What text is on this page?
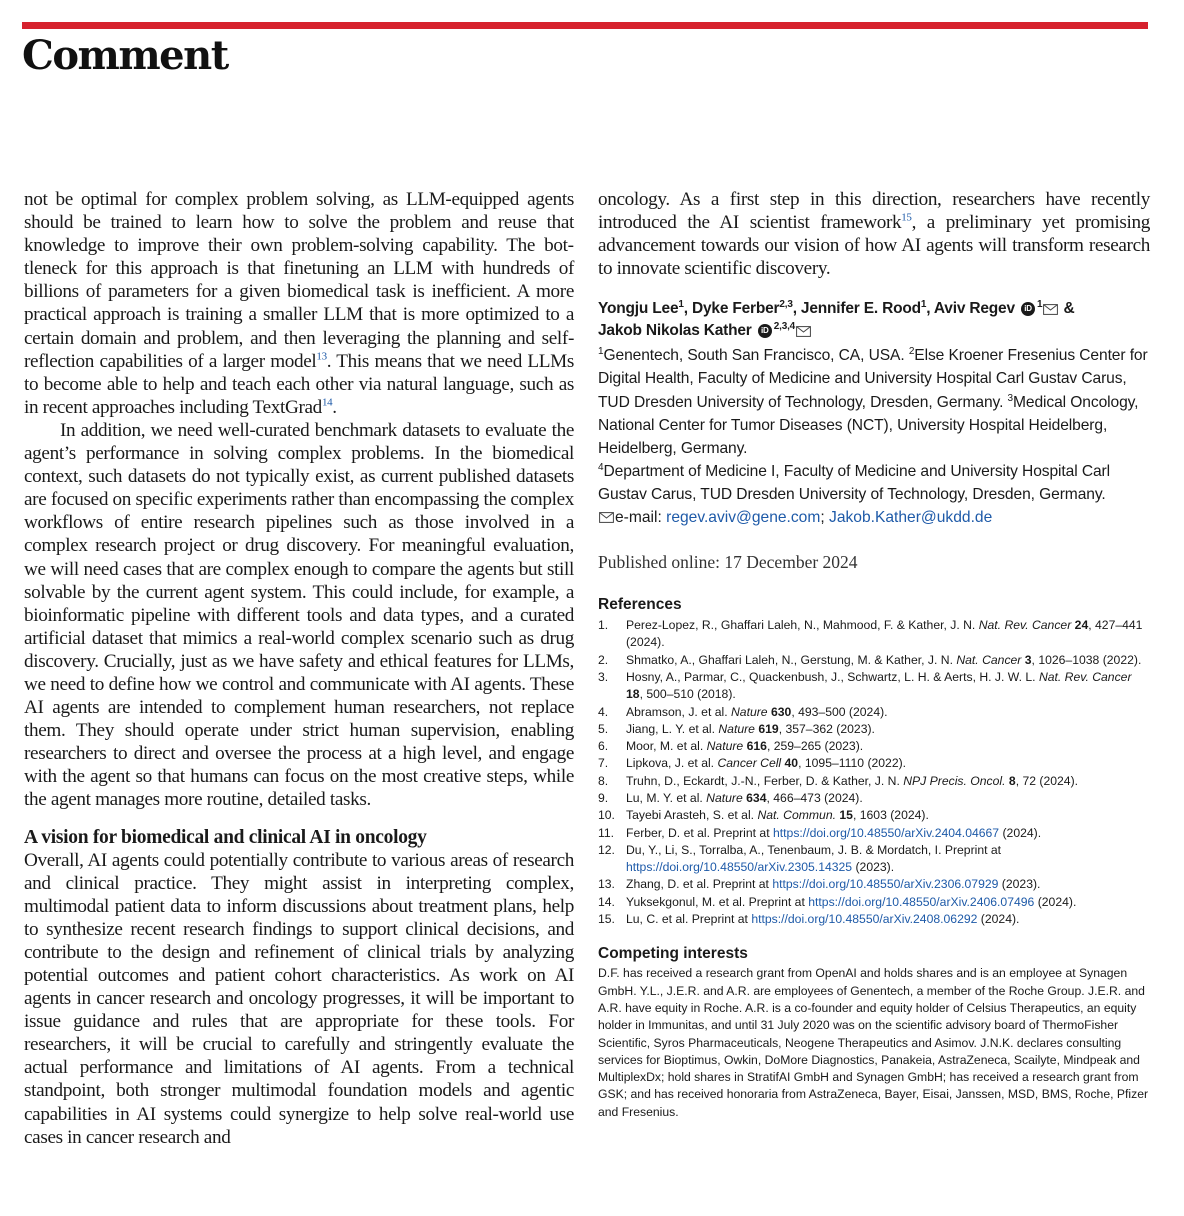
Comment

not be optimal for complex problem solving, as LLM-equipped agents should be trained to learn how to solve the problem and reuse that knowledge to improve their own problem-solving capability. The bottleneck for this approach is that finetuning an LLM with hundreds of billions of parameters for a given biomedical task is inefficient. A more practical approach is training a smaller LLM that is more optimized to a certain domain and problem, and then leveraging the planning and self-reflection capabilities of a larger model$^{13}$. This means that we need LLMs to become able to help and teach each other via natural language, such as in recent approaches including TextGrad$^{14}$.

In addition, we need well-curated benchmark datasets to evaluate the agent’s performance in solving complex problems. In the biomedical context, such datasets do not typically exist, as current published datasets are focused on specific experiments rather than encompassing the complex workflows of entire research pipelines such as those involved in a complex research project or drug discovery. For meaningful evaluation, we will need cases that are complex enough to compare the agents but still solvable by the current agent system. This could include, for example, a bioinformatic pipeline with different tools and data types, and a curated artificial dataset that mimics a real-world complex scenario such as drug discovery. Crucially, just as we have safety and ethical features for LLMs, we need to define how we control and communicate with AI agents. These AI agents are intended to complement human researchers, not replace them. They should operate under strict human supervision, enabling researchers to direct and oversee the process at a high level, and engage with the agent so that humans can focus on the most creative steps, while the agent manages more routine, detailed tasks.

A vision for biomedical and clinical AI in oncology

Overall, AI agents could potentially contribute to various areas of research and clinical practice. They might assist in interpreting complex, multimodal patient data to inform discussions about treatment plans, help to synthesize recent research findings to support clinical decisions, and contribute to the design and refinement of clinical trials by analyzing potential outcomes and patient cohort characteristics. As work on AI agents in cancer research and oncology progresses, it will be important to issue guidance and rules that are appropriate for these tools. For researchers, it will be crucial to carefully and stringently evaluate the actual performance and limitations of AI agents. From a technical standpoint, both stronger multimodal foundation models and agentic capabilities in AI systems could synergize to help solve real-world use cases in cancer research and

oncology. As a first step in this direction, researchers have recently introduced the AI scientist framework$^{15}$, a preliminary yet promising advancement towards our vision of how AI agents will transform research to innovate scientific discovery.

Yongju Lee$^1$, Dyke Ferber$^{2,3}$, Jennifer E. Rood$^1$, Aviv Regev iD $^1$ &
Jakob Nikolas Kather iD $^{2,3,4}$

$^1$Genentech, South San Francisco, CA, USA. $^2$Else Kroener Fresenius Center for Digital Health, Faculty of Medicine and University Hospital Carl Gustav Carus, TUD Dresden University of Technology, Dresden, Germany. $^3$Medical Oncology, National Center for Tumor Diseases (NCT), University Hospital Heidelberg, Heidelberg, Germany.
$^4$Department of Medicine I, Faculty of Medicine and University Hospital Carl Gustav Carus, TUD Dresden University of Technology, Dresden, Germany.

e-mail: regev.aviv@gene.com; Jakob.Kather@ukdd.de

Published online: 17 December 2024

References
1.	Perez-Lopez, R., Ghaffari Laleh, N., Mahmood, F. & Kather, J. N. Nat. Rev. Cancer 24, 427–441 (2024).
2.	Shmatko, A., Ghaffari Laleh, N., Gerstung, M. & Kather, J. N. Nat. Cancer 3, 1026–1038 (2022).
3.	Hosny, A., Parmar, C., Quackenbush, J., Schwartz, L. H. & Aerts, H. J. W. L. Nat. Rev. Cancer 18, 500–510 (2018).
4.	Abramson, J. et al. Nature 630, 493–500 (2024).
5.	Jiang, L. Y. et al. Nature 619, 357–362 (2023).
6.	Moor, M. et al. Nature 616, 259–265 (2023).
7.	Lipkova, J. et al. Cancer Cell 40, 1095–1110 (2022).
8.	Truhn, D., Eckardt, J.-N., Ferber, D. & Kather, J. N. NPJ Precis. Oncol. 8, 72 (2024).
9.	Lu, M. Y. et al. Nature 634, 466–473 (2024).
10. Tayebi Arasteh, S. et al. Nat. Commun. 15, 1603 (2024).
11. Ferber, D. et al. Preprint at https://doi.org/10.48550/arXiv.2404.04667 (2024).
12. Du, Y., Li, S., Torralba, A., Tenenbaum, J. B. & Mordatch, I. Preprint at https://doi.org/10.48550/arXiv.2305.14325 (2023).
13. Zhang, D. et al. Preprint at https://doi.org/10.48550/arXiv.2306.07929 (2023).
14. Yuksekgonul, M. et al. Preprint at https://doi.org/10.48550/arXiv.2406.07496 (2024).
15. Lu, C. et al. Preprint at https://doi.org/10.48550/arXiv.2408.06292 (2024).
Competing interests

D.F. has received a research grant from OpenAI and holds shares and is an employee at Synagen GmbH. Y.L., J.E.R. and A.R. are employees of Genentech, a member of the Roche Group. J.E.R. and A.R. have equity in Roche. A.R. is a co-founder and equity holder of Celsius Therapeutics, an equity holder in Immunitas, and until 31 July 2020 was on the scientific advisory board of ThermoFisher Scientific, Syros Pharmaceuticals, Neogene Therapeutics and Asimov. J.N.K. declares consulting services for Bioptimus, Owkin, DoMore Diagnostics, Panakeia, AstraZeneca, Scailyte, Mindpeak and MultiplexDx; hold shares in StratifAI GmbH and Synagen GmbH; has received a research grant from GSK; and has received honoraria from AstraZeneca, Bayer, Eisai, Janssen, MSD, BMS, Roche, Pfizer and Fresenius.
